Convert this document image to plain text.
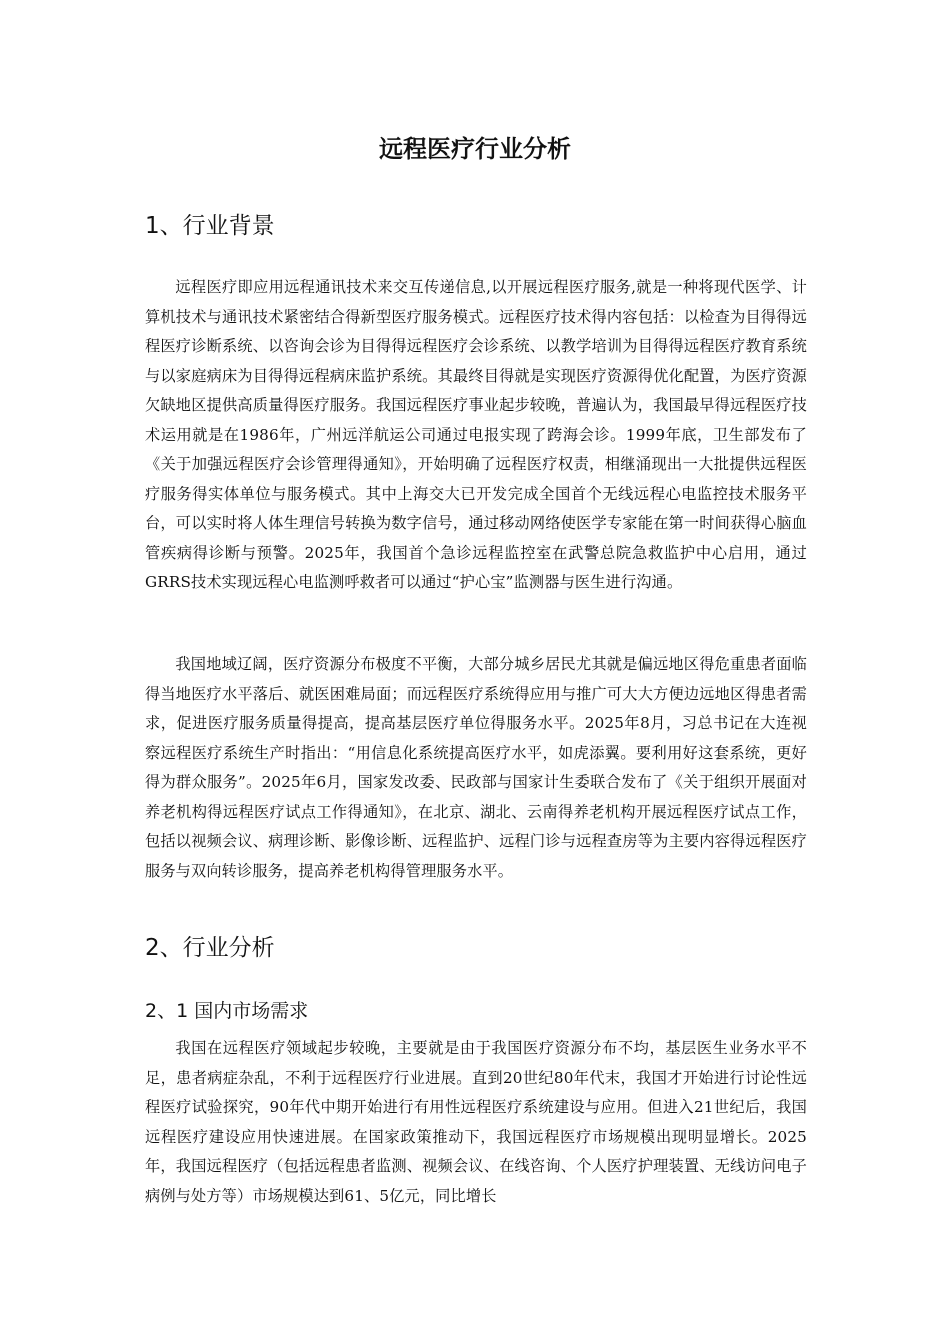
远程医疗行业分析
1、行业背景

远程医疗即应用远程通讯技术来交互传递信息,以开展远程医疗服务,就是一种将现代医学、计算机技术与通讯技术紧密结合得新型医疗服务模式。远程医疗技术得内容包括：以检查为目得得远程医疗诊断系统、以咨询会诊为目得得远程医疗会诊系统、以教学培训为目得得远程医疗教育系统与以家庭病床为目得得远程病床监护系统。其最终目得就是实现医疗资源得优化配置，为医疗资源欠缺地区提供高质量得医疗服务。我国远程医疗事业起步较晚，普遍认为，我国最早得远程医疗技术运用就是在1986年，广州远洋航运公司通过电报实现了跨海会诊。1999年底，卫生部发布了《关于加强远程医疗会诊管理得通知》，开始明确了远程医疗权责，相继涌现出一大批提供远程医疗服务得实体单位与服务模式。其中上海交大已开发完成全国首个无线远程心电监控技术服务平台，可以实时将人体生理信号转换为数字信号，通过移动网络使医学专家能在第一时间获得心脑血管疾病得诊断与预警。2025年，我国首个急诊远程监控室在武警总院急救监护中心启用，通过GRRS技术实现远程心电监测呼救者可以通过“护心宝”监测器与医生进行沟通。

我国地域辽阔，医疗资源分布极度不平衡，大部分城乡居民尤其就是偏远地区得危重患者面临得当地医疗水平落后、就医困难局面；而远程医疗系统得应用与推广可大大方便边远地区得患者需求，促进医疗服务质量得提高，提高基层医疗单位得服务水平。2025年8月，习总书记在大连视察远程医疗系统生产时指出：“用信息化系统提高医疗水平，如虎添翼。要利用好这套系统，更好得为群众服务”。2025年6月，国家发改委、民政部与国家计生委联合发布了《关于组织开展面对养老机构得远程医疗试点工作得通知》，在北京、湖北、云南得养老机构开展远程医疗试点工作，包括以视频会议、病理诊断、影像诊断、远程监护、远程门诊与远程查房等为主要内容得远程医疗服务与双向转诊服务，提高养老机构得管理服务水平。

2、行业分析
2、1 国内市场需求

我国在远程医疗领域起步较晚，主要就是由于我国医疗资源分布不均，基层医生业务水平不足，患者病症杂乱，不利于远程医疗行业进展。直到20世纪80年代末，我国才开始进行讨论性远程医疗试验探究，90年代中期开始进行有用性远程医疗系统建设与应用。但进入21世纪后，我国远程医疗建设应用快速进展。在国家政策推动下，我国远程医疗市场规模出现明显增长。2025年，我国远程医疗（包括远程患者监测、视频会议、在线咨询、个人医疗护理装置、无线访问电子病例与处方等）市场规模达到61、5亿元，同比增长
